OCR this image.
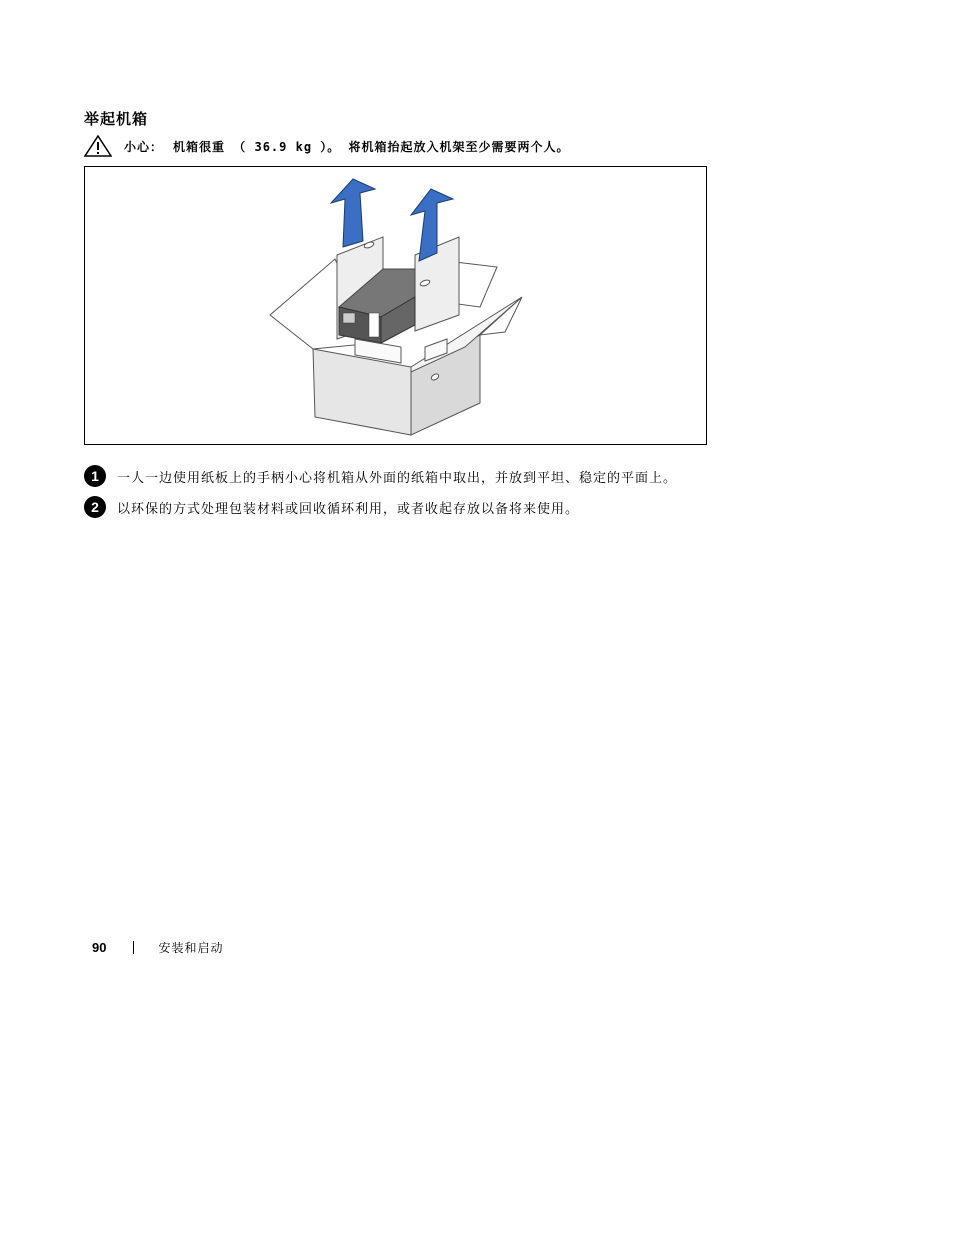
举起机箱
小心： 机箱很重 （ 36.9 kg ）。 将机箱抬起放入机架至少需要两个人。
1	一人一边使用纸板上的手柄小心将机箱从外面的纸箱中取出，并放到平坦、稳定的平面上。
2	以环保的方式处理包装材料或回收循环利用，或者收起存放以备将来使用。
90	安装和启动
